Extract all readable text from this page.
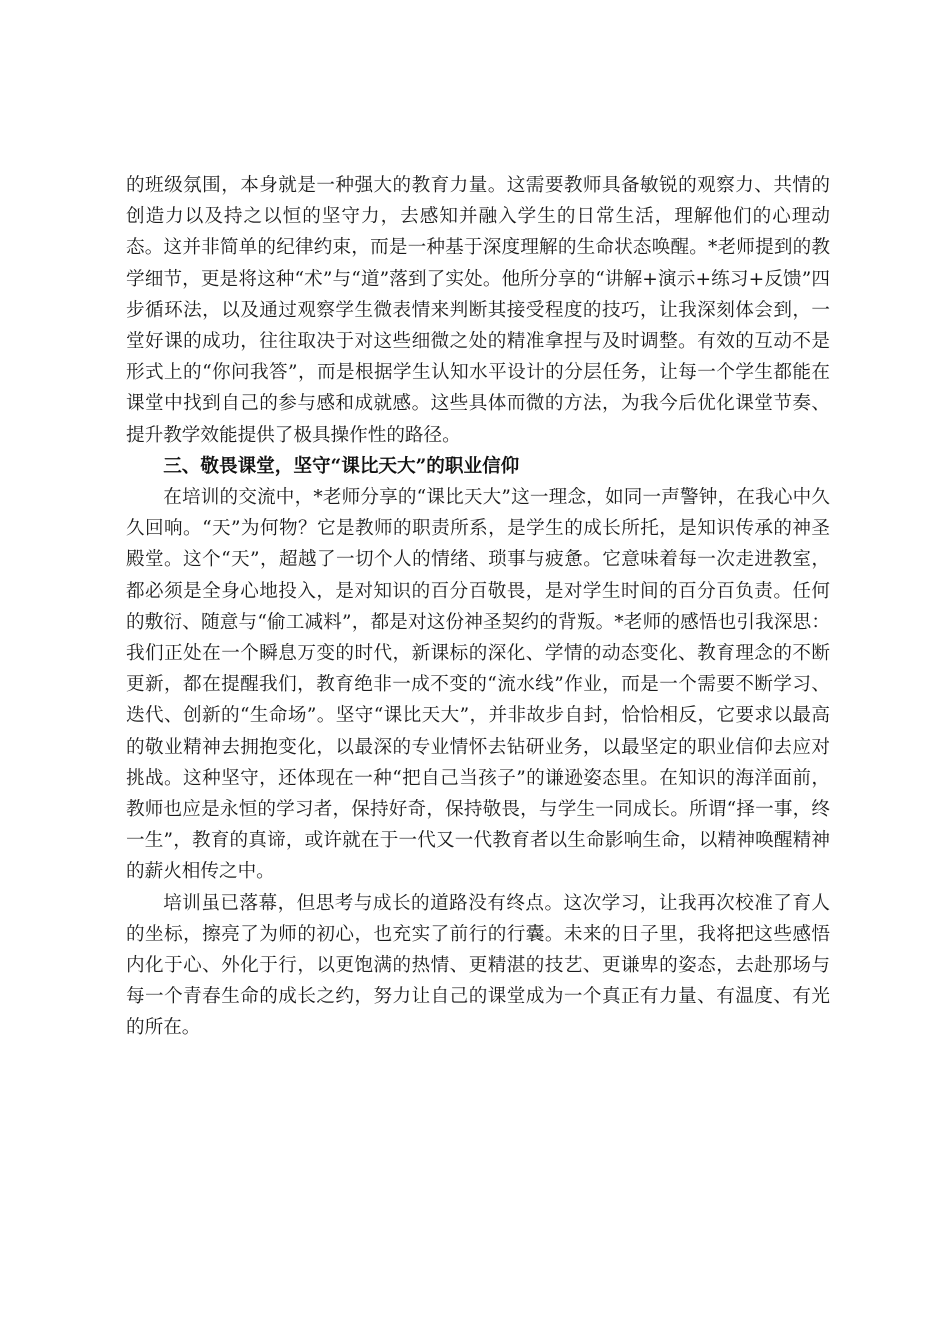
的班级氛围，本身就是一种强大的教育力量。这需要教师具备敏锐的观察力、共情的创造力以及持之以恒的坚守力，去感知并融入学生的日常生活，理解他们的心理动态。这并非简单的纪律约束，而是一种基于深度理解的生命状态唤醒。*老师提到的教学细节，更是将这种“术”与“道”落到了实处。他所分享的“讲解+演示+练习+反馈”四步循环法，以及通过观察学生微表情来判断其接受程度的技巧，让我深刻体会到，一堂好课的成功，往往取决于对这些细微之处的精准拿捏与及时调整。有效的互动不是形式上的“你问我答”，而是根据学生认知水平设计的分层任务，让每一个学生都能在课堂中找到自己的参与感和成就感。这些具体而微的方法，为我今后优化课堂节奏、提升教学效能提供了极具操作性的路径。

三、敬畏课堂，坚守“课比天大”的职业信仰

在培训的交流中，*老师分享的“课比天大”这一理念，如同一声警钟，在我心中久久回响。“天”为何物？它是教师的职责所系，是学生的成长所托，是知识传承的神圣殿堂。这个“天”，超越了一切个人的情绪、琐事与疲惫。它意味着每一次走进教室，都必须是全身心地投入，是对知识的百分百敬畏，是对学生时间的百分百负责。任何的敷衍、随意与“偷工减料”，都是对这份神圣契约的背叛。*老师的感悟也引我深思：我们正处在一个瞬息万变的时代，新课标的深化、学情的动态变化、教育理念的不断更新，都在提醒我们，教育绝非一成不变的“流水线”作业，而是一个需要不断学习、迭代、创新的“生命场”。坚守“课比天大”，并非故步自封，恰恰相反，它要求以最高的敬业精神去拥抱变化，以最深的专业情怀去钻研业务，以最坚定的职业信仰去应对挑战。这种坚守，还体现在一种“把自己当孩子”的谦逊姿态里。在知识的海洋面前，教师也应是永恒的学习者，保持好奇，保持敬畏，与学生一同成长。所谓“择一事，终一生”，教育的真谛，或许就在于一代又一代教育者以生命影响生命，以精神唤醒精神的薪火相传之中。

培训虽已落幕，但思考与成长的道路没有终点。这次学习，让我再次校准了育人的坐标，擦亮了为师的初心，也充实了前行的行囊。未来的日子里，我将把这些感悟内化于心、外化于行，以更饱满的热情、更精湛的技艺、更谦卑的姿态，去赴那场与每一个青春生命的成长之约，努力让自己的课堂成为一个真正有力量、有温度、有光的所在。
